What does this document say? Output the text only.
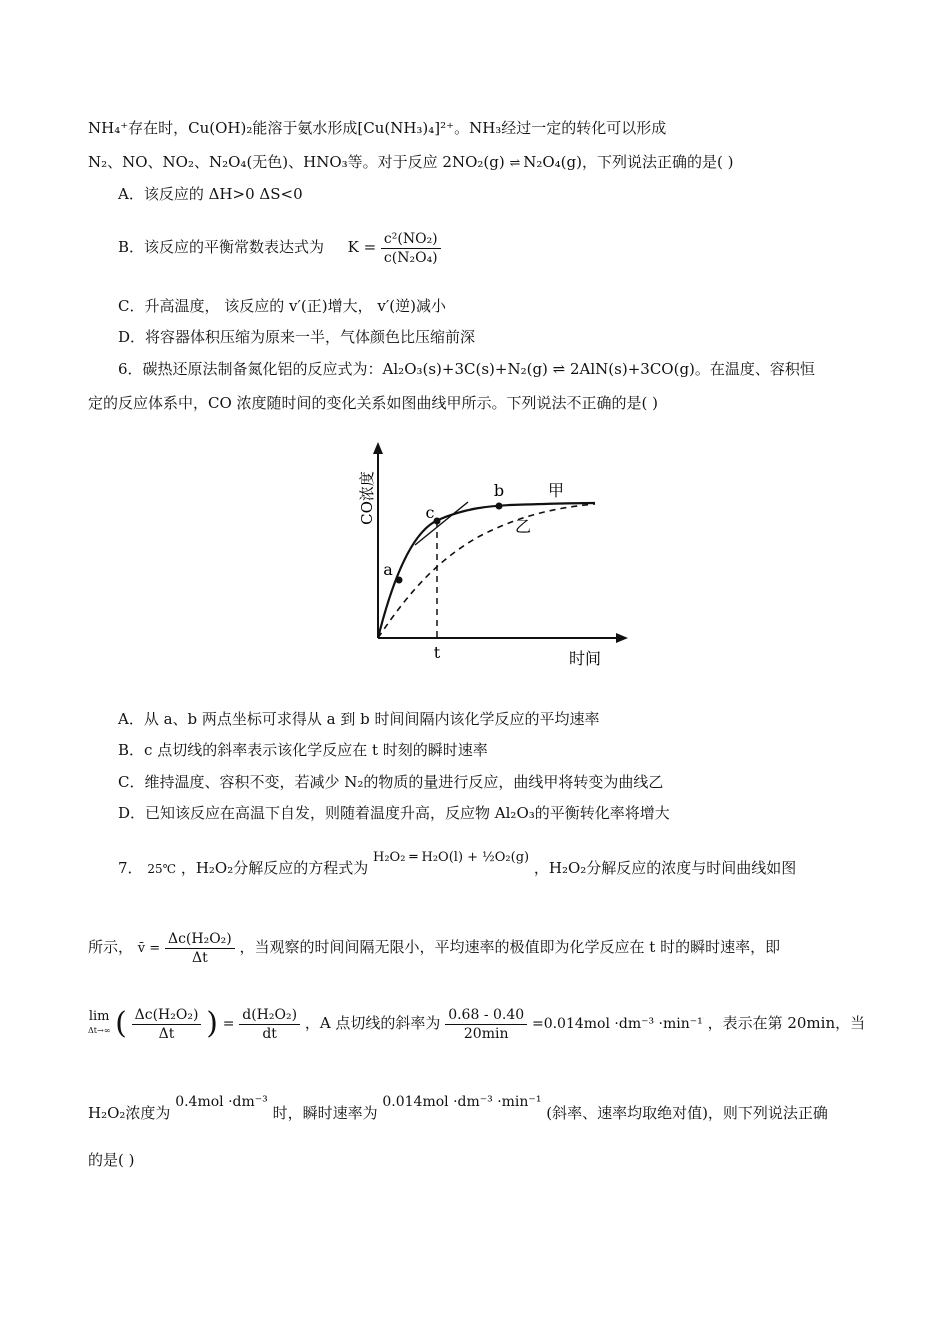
NH₄⁺存在时，Cu(OH)₂能溶于氨水形成[Cu(NH₃)₄]²⁺。NH₃经过一定的转化可以形成
N₂、NO、NO₂、N₂O₄(无色)、HNO₃等。对于反应 2NO₂(g) ⇌ N₂O₄(g)，下列说法正确的是( )
A．该反应的 ΔH>0 ΔS<0
B．该反应的平衡常数表达式为 $K = \frac{\text{c²(NO₂)}}{\text{c(N₂O₄)}}$
C．升高温度， 该反应的 v′(正)增大， v′(逆)减小
D．将容器体积压缩为原来一半，气体颜色比压缩前深
6．碳热还原法制备氮化铝的反应式为：Al₂O₃(s)+3C(s)+N₂(g) ⇌ 2AlN(s)+3CO(g)。在温度、容积恒
定的反应体系中，CO 浓度随时间的变化关系如图曲线甲所示。下列说法不正确的是( )
CO浓度
时间
a
c
b
t
甲
乙
A．从 a、b 两点坐标可求得从 a 到 b 时间间隔内该化学反应的平均速率
B．c 点切线的斜率表示该化学反应在 t 时刻的瞬时速率
C．维持温度、容积不变，若减少 N₂的物质的量进行反应，曲线甲将转变为曲线乙
D．已知该反应在高温下自发，则随着温度升高，反应物 Al₂O₃的平衡转化率将增大
7． 25℃ ，H₂O₂分解反应的方程式为 H₂O₂ ═ H₂O(l) + ½O₂(g) ，H₂O₂分解反应的浓度与时间曲线如图
所示， v̄ = $\frac{\text{Δc(H₂O₂)}}{\Delta t}$ ，当观察的时间间隔无限小，平均速率的极值即为化学反应在 t 时的瞬时速率，即
lim
Δt→∞ ( $\frac{\text{Δc(H₂O₂)}}{\Delta t}$ ) = $\frac{\text{d(H₂O₂)}}{dt}$ ，A 点切线的斜率为 $\frac{0.68 - 0.40}{20\min} =0.014mol \cdot dm^{-3} \cdot\min^{-1}$ ，表示在第 20min，当
H₂O₂浓度为 0.4mol ·dm⁻³ 时，瞬时速率为 0.014mol ·dm⁻³ ·min⁻¹ (斜率、速率均取绝对值)，则下列说法正确
的是( )
